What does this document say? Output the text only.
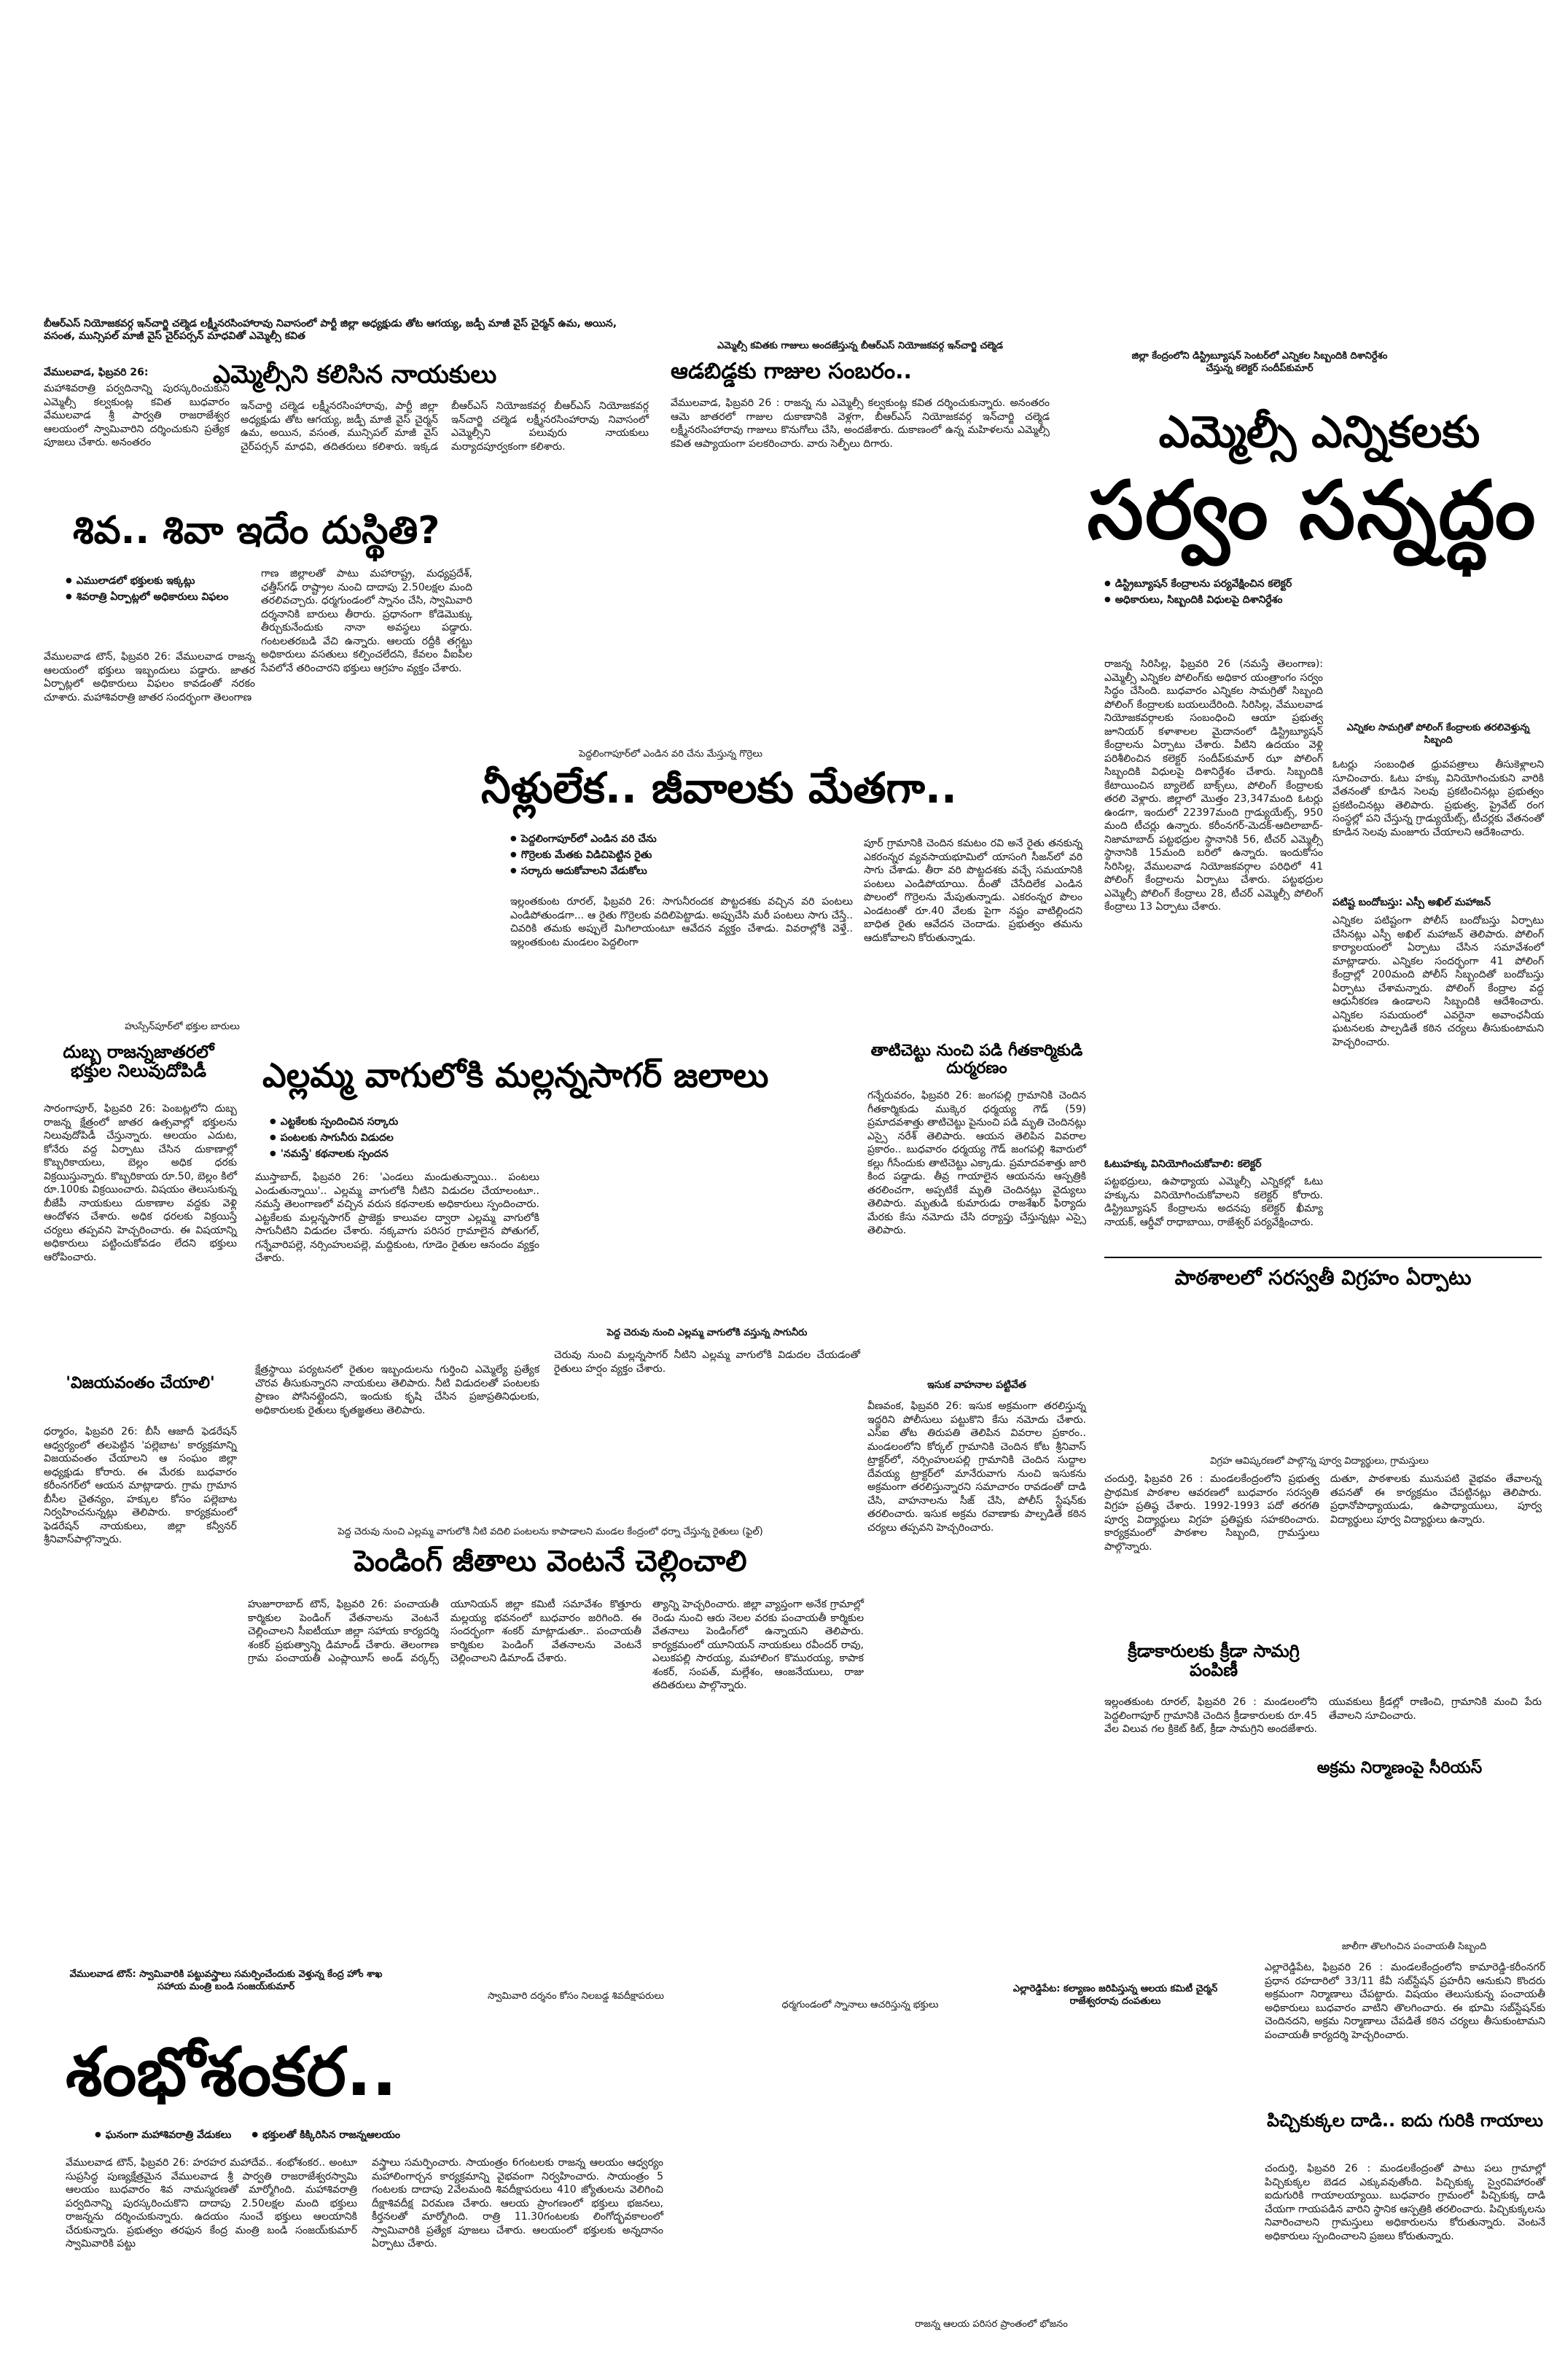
బీఆర్ఎస్ నియోజకవర్గ ఇన్‌చార్జి చల్మెడ లక్ష్మీనరసింహారావు నివాసంలో పార్టీ జిల్లా అధ్యక్షుడు తోట ఆగయ్య, జడ్పీ మాజీ వైస్ చైర్మన్ ఉమ, అయిన, వసంత, మున్సిపల్ మాజీ వైస్ చైర్‌పర్సన్ మాధవితో ఎమ్మెల్సీ కవిత
వేములవాడ, ఫిబ్రవరి 26:	ఎమ్మెల్సీని కలిసిన నాయకులు
మహాశివరాత్రి పర్వదినాన్ని పురస్కరించుకుని ఎమ్మెల్సీ కల్వకుంట్ల కవిత బుధవారం వేములవాడ శ్రీ పార్వతి రాజరాజేశ్వర ఆలయంలో స్వామివారిని దర్శించుకుని ప్రత్యేక పూజలు చేశారు. అనంతరం
ఇన్‌చార్జి చల్మెడ లక్ష్మీనరసింహారావు, పార్టీ జిల్లా అధ్యక్షుడు తోట ఆగయ్య, జడ్పీ మాజీ వైస్ చైర్మన్ ఉమ, అయిన, వసంత, మున్సిపల్ మాజీ వైస్ చైర్‌పర్సన్ మాధవి, తదితరులు కలిశారు. ఇక్కడ బీఆర్ఎస్ నియోజకవర్గ బీఆర్ఎస్ నియోజకవర్గ ఇన్‌చార్జి చల్మెడ లక్ష్మీనరసింహారావు నివాసంలో ఎమ్మెల్సీని పలువురు నాయకులు మర్యాదపూర్వకంగా కలిశారు.
ఎమ్మెల్సీ కవితకు గాజులు అందజేస్తున్న బీఆర్ఎస్ నియోజకవర్గ ఇన్‌చార్జి చల్మెడ
ఆడబిడ్డకు గాజుల సంబరం..
వేములవాడ, ఫిబ్రవరి 26 : రాజన్న ను ఎమ్మెల్సీ కల్వకుంట్ల కవిత దర్శించుకున్నారు. అనంతరం ఆమె జాతరలో గాజుల దుకాణానికి వెళ్లగా, బీఆర్ఎస్ నియోజకవర్గ ఇన్‌చార్జి చల్మెడ లక్ష్మీనరసింహారావు గాజులు కొనుగోలు చేసి, అందజేశారు. దుకాణంలో ఉన్న మహిళలను ఎమ్మెల్సీ కవిత ఆప్యాయంగా పలకరించారు. వారు సెల్ఫీలు దిగారు.
శివ.. శివా ఇదేం దుస్థితి?
● ఎములాడలో భక్తులకు ఇక్కట్లు
● శివరాత్రి ఏర్పాట్లలో అధికారులు విఫలం
వేములవాడ టౌన్, ఫిబ్రవరి 26: వేములవాడ రాజన్న ఆలయంలో భక్తులు ఇబ్బందులు పడ్డారు. జాతర ఏర్పాట్లలో అధికారులు విఫలం కావడంతో నరకం చూశారు. మహాశివరాత్రి జాతర సందర్భంగా తెలంగాణ
గాణ జిల్లాలతో పాటు మహారాష్ట్ర, మధ్యప్రదేశ్, ఛత్తీస్‌గఢ్ రాష్ట్రాల నుంచి దాదాపు 2.50లక్షల మంది తరలివచ్చారు. ధర్మగుండంలో స్నానం చేసి, స్వామివారి దర్శనానికి బారులు తీరారు. ప్రధానంగా కోడెమొక్కు తీర్చుకునేందుకు నానా అవస్థలు పడ్డారు. గంటలతరబడి వేచి ఉన్నారు. ఆలయ రద్దీకి తగ్గట్టు అధికారులు వసతులు కల్పించలేదని, కేవలం వీఐపీల సేవలోనే తరించారని భక్తులు ఆగ్రహం వ్యక్తం చేశారు.
జిల్లా కేంద్రంలోని డిస్ట్రిబ్యూషన్ సెంటర్‌లో ఎన్నికల సిబ్బందికి దిశానిర్దేశం చేస్తున్న కలెక్టర్ సందీప్‌కుమార్
ఎమ్మెల్సీ ఎన్నికలకు
సర్వం సన్నద్ధం
● డిస్ట్రిబ్యూషన్ కేంద్రాలను పర్యవేక్షించిన కలెక్టర్
● అధికారులు, సిబ్బందికి విధులపై దిశానిర్దేశం
రాజన్న సిరిసిల్ల, ఫిబ్రవరి 26 (నమస్తే తెలంగాణ): ఎమ్మెల్సీ ఎన్నికల పోలింగ్‌కు అధికార యంత్రాంగం సర్వం సిద్ధం చేసింది. బుధవారం ఎన్నికల సామగ్రితో సిబ్బంది పోలింగ్ కేంద్రాలకు బయలుదేరింది. సిరిసిల్ల, వేములవాడ నియోజకవర్గాలకు సంబంధించి ఆయా ప్రభుత్వ జూనియర్ కళాశాలల మైదానంలో డిస్ట్రిబ్యూషన్ కేంద్రాలను ఏర్పాటు చేశారు. వీటిని ఉదయం వెళ్లి పరిశీలించిన కలెక్టర్ సందీప్‌కుమార్ ఝా పోలింగ్ సిబ్బందికి విధులపై దిశానిర్దేశం చేశారు. సిబ్బందికి కేటాయించిన బ్యాలెట్ బాక్స్‌లు, పోలింగ్ కేంద్రాలకు తరలి వెళ్లారు. జిల్లాలో మొత్తం 23,347మంది ఓటర్లు ఉండగా, ఇందులో 22397మంది గ్రాడ్యుయేట్స్, 950 మంది టీచర్లు ఉన్నారు. కరీంనగర్-మెదక్-ఆదిలాబాద్-నిజామాబాద్ పట్టభద్రుల స్థానానికి 56, టీచర్ ఎమ్మెల్సీ స్థానానికి 15మంది బరిలో ఉన్నారు. ఇందుకోసం సిరిసిల్ల, వేములవాడ నియోజకవర్గాల పరిధిలో 41 పోలింగ్ కేంద్రాలను ఏర్పాటు చేశారు. పట్టభద్రుల ఎమ్మెల్సీ పోలింగ్ కేంద్రాలు 28, టీచర్ ఎమ్మెల్సీ పోలింగ్ కేంద్రాలు 13 ఏర్పాటు చేశారు.
ఓటుహక్కు వినియోగించుకోవాలి: కలెక్టర్
పట్టభద్రులు, ఉపాధ్యాయ ఎమ్మెల్సీ ఎన్నికల్లో ఓటు హక్కును వినియోగించుకోవాలని కలెక్టర్ కోరారు. డిస్ట్రిబ్యూషన్ కేంద్రాలను అదనపు కలెక్టర్ ఖీమ్యా నాయక్, ఆర్డీవో రాధాబాయి, రాజేశ్వర్ పర్యవేక్షించారు.
ఎన్నికల సామగ్రితో పోలింగ్ కేంద్రాలకు తరలివెళ్తున్న సిబ్బంది
ఓటర్లు సంబంధిత ధ్రువపత్రాలు తీసుకెళ్లాలని సూచించారు. ఓటు హక్కు వినియోగించుకుని వారికి వేతనంతో కూడిన సెలవు ప్రకటించినట్లు ప్రభుత్వం ప్రకటించినట్లు తెలిపారు. ప్రభుత్వ, ప్రైవేట్ రంగ సంస్థల్లో పని చేస్తున్న గ్రాడ్యుయేట్స్, టీచర్లకు వేతనంతో కూడిన సెలవు మంజూరు చేయాలని ఆదేశించారు.
పటిష్ట బందోబస్తు: ఎస్పీ అఖిల్ మహాజన్
ఎన్నికల పటిష్టంగా పోలీస్ బందోబస్తు ఏర్పాటు చేసినట్లు ఎస్పీ అఖిల్ మహాజన్ తెలిపారు. పోలింగ్ కార్యాలయంలో ఏర్పాటు చేసిన సమావేశంలో మాట్లాడారు. ఎన్నికల సందర్భంగా 41 పోలింగ్ కేంద్రాల్లో 200మంది పోలీస్ సిబ్బందితో బందోబస్తు ఏర్పాటు చేశామన్నారు. పోలింగ్ కేంద్రాల వద్ద ఆధునీకరణ ఉండాలని సిబ్బందికి ఆదేశించారు. ఎన్నికల సమయంలో ఎవరైనా అవాంఛనీయ ఘటనలకు పాల్పడితే కఠిన చర్యలు తీసుకుంటామని హెచ్చరించారు.
పాఠశాలలో సరస్వతీ విగ్రహం ఏర్పాటు
పెద్దలింగాపూర్‌లో ఎండిన వరి చేను మేస్తున్న గొర్రెలు
నీళ్లులేక.. జీవాలకు మేతగా..
● పెద్దలింగాపూర్‌లో ఎండిన వరి చేను
● గొర్రెలకు మేతకు విడిచిపెట్టిన రైతు
● సర్కారు ఆదుకోవాలని వేడుకోలు
ఇల్లంతకుంట రూరల్, ఫిబ్రవరి 26: సాగునీరందక పొట్టదశకు వచ్చిన వరి పంటలు ఎండిపోతుండగా... ఆ రైతు గొర్రెలకు వదిలిపెట్టాడు. అప్పుచేసి మరీ పంటలు సాగు చేస్తే.. చివరికి తమకు అప్పులే మిగిలాయంటూ ఆవేదన వ్యక్తం చేశాడు. వివరాల్లోకి వెళ్తే.. ఇల్లంతకుంట మండలం పెద్దలింగా
పూర్ గ్రామానికి చెందిన కమటం రవి అనే రైతు తనకున్న ఎకరంన్నర వ్యవసాయభూమిలో యాసంగి సీజన్‌లో వరి సాగు చేశాడు. తీరా వరి పొట్టదశకు వచ్చే సమయానికి పంటలు ఎండిపోయాయి. దీంతో చేసేదిలేక ఎండిన పొలంలో గొర్రెలను మేపుతున్నాడు. ఎకరంన్నర పొలం ఎండటంతో రూ.40 వేలకు పైగా నష్టం వాటిల్లిందని బాధిత రైతు ఆవేదన చెందాడు. ప్రభుత్వం తమను ఆదుకోవాలని కోరుతున్నాడు.
హుస్సేన్‌పూర్‌లో భక్తుల బారులు
దుబ్బ రాజన్నజాతరలో భక్తుల నిలువుదోపిడీ
సారంగాపూర్, ఫిబ్రవరి 26: పెంబట్లలోని దుబ్బ రాజన్న క్షేత్రంలో జాతర ఉత్సవాల్లో భక్తులను నిలువుదోపిడీ చేస్తున్నారు. ఆలయం ఎదుట, కోనేరు వద్ద ఏర్పాటు చేసిన దుకాణాల్లో కొబ్బరికాయలు, బెల్లం అధిక ధరకు విక్రయిస్తున్నారు. కొబ్బరికాయ రూ.50, బెల్లం కిలో రూ.100కు విక్రయించారు. విషయం తెలుసుకున్న బీజేపీ నాయకులు దుకాణాల వద్దకు వెళ్లి ఆందోళన చేశారు. అధిక ధరలకు విక్రయిస్తే చర్యలు తప్పవని హెచ్చరించారు. ఈ విషయాన్ని అధికారులు పట్టించుకోవడం లేదని భక్తులు ఆరోపించారు.
'విజయవంతం చేయాలి'
ధర్మారం, ఫిబ్రవరి 26: బీసీ ఆజాదీ ఫెడరేషన్ ఆధ్వర్యంలో తలపెట్టిన 'పల్లెబాట' కార్యక్రమాన్ని విజయవంతం చేయాలని ఆ సంఘం జిల్లా అధ్యక్షుడు కోరారు. ఈ మేరకు బుధవారం కరీంనగర్‌లో ఆయన మాట్లాడారు. గ్రామ గ్రామాన బీసీల చైతన్యం, హక్కుల కోసం పల్లెబాట నిర్వహించనున్నట్లు తెలిపారు. కార్యక్రమంలో ఫెడరేషన్ నాయకులు, జిల్లా కన్వీనర్ శ్రీనివాస్‌పాల్గొన్నారు.
ఎల్లమ్మ వాగులోకి మల్లన్నసాగర్ జలాలు
● ఎట్టకేలకు స్పందించిన సర్కారు
● పంటలకు సాగునీరు విడుదల
● 'నమస్తే' కథనాలకు స్పందన
ముస్తాబాద్, ఫిబ్రవరి 26: 'ఎండలు మండుతున్నాయి.. పంటలు ఎండుతున్నాయి'.. ఎల్లమ్మ వాగులోకి నీటిని విడుదల చేయాలంటూ.. నమస్తే తెలంగాణలో వచ్చిన వరుస కథనాలకు అధికారులు స్పందించారు. ఎట్టకేలకు మల్లన్నసాగర్ ప్రాజెక్టు కాలువల ద్వారా ఎల్లమ్మ వాగులోకి సాగునీటిని విడుదల చేశారు. నక్కవాగు పరిసర గ్రామాలైన పోతుగల్, గన్నేవారిపల్లె, నర్సింహులపల్లె, మద్దికుంట, గూడెం రైతుల ఆనందం వ్యక్తం చేశారు.
క్షేత్రస్థాయి పర్యటనలో రైతుల ఇబ్బందులను గుర్తించి ఎమ్మెల్యే ప్రత్యేక చొరవ తీసుకున్నారని నాయకులు తెలిపారు. నీటి విడుదలతో పంటలకు ప్రాణం పోసినట్లైందని, ఇందుకు కృషి చేసిన ప్రజాప్రతినిధులకు, అధికారులకు రైతులు కృతజ్ఞతలు తెలిపారు.
పెద్ద చెరువు నుంచి ఎల్లమ్మ వాగులోకి వస్తున్న సాగునీరు
చెరువు నుంచి మల్లన్నసాగర్ నీటిని ఎల్లమ్మ వాగులోకి విడుదల చేయడంతో రైతులు హర్షం వ్యక్తం చేశారు.
తాటిచెట్టు నుంచి పడి గీతకార్మికుడి దుర్మరణం
గన్నేరువరం, ఫిబ్రవరి 26: జంగపల్లి గ్రామానికి చెందిన గీతకార్మికుడు ముక్కెర ధర్మయ్య గౌడ్ (59) ప్రమాదవశాత్తు తాటిచెట్టు పైనుంచి పడి మృతి చెందినట్లు ఎస్సై నరేశ్ తెలిపారు. ఆయన తెలిపిన వివరాల ప్రకారం.. బుధవారం ధర్మయ్య గౌడ్ జంగపల్లి శివారులో కల్లు గీసేందుకు తాటిచెట్టు ఎక్కాడు. ప్రమాదవశాత్తు జారి కింద పడ్డాడు. తీవ్ర గాయాలైన ఆయనను ఆస్పత్రికి తరలించగా, అప్పటికే మృతి చెందినట్లు వైద్యులు తెలిపారు. మృతుడి కుమారుడు రాజశేఖర్ ఫిర్యాదు మేరకు కేసు నమోదు చేసి దర్యాప్తు చేస్తున్నట్లు ఎస్సై తెలిపారు.
ఇసుక వాహనాల పట్టివేత
వీణవంక, ఫిబ్రవరి 26: ఇసుక అక్రమంగా తరలిస్తున్న ఇద్దరిని పోలీసులు పట్టుకొని కేసు నమోదు చేశారు. ఎస్ఐ తోట తిరుపతి తెలిపిన వివరాల ప్రకారం.. మండలంలోని కోర్కల్ గ్రామానికి చెందిన కోట శ్రీనివాస్ ట్రాక్టర్‌లో, నర్సింహులపల్లి గ్రామానికి చెందిన సుద్దాల దేవయ్య ట్రాక్టర్‌లో మానేరువాగు నుంచి ఇసుకను అక్రమంగా తరలిస్తున్నారని సమాచారం రావడంతో దాడి చేసి, వాహనాలను సీజ్ చేసి, పోలీస్ స్టేషన్‌కు తరలించారు. ఇసుక అక్రమ రవాణాకు పాల్పడితే కఠిన చర్యలు తప్పవని హెచ్చరించారు.
పెద్ద చెరువు నుంచి ఎల్లమ్మ వాగులోకి నీటి వదిలి పంటలను కాపాడాలని మండల కేంద్రంలో ధర్నా చేస్తున్న రైతులు (ఫైల్)
పెండింగ్ జీతాలు వెంటనే చెల్లించాలి
హుజూరాబాద్ టౌన్, ఫిబ్రవరి 26: పంచాయతీ కార్మికుల పెండింగ్ వేతనాలను వెంటనే చెల్లించాలని సీఐటీయూ జిల్లా సహాయ కార్యదర్శి శంకర్ ప్రభుత్వాన్ని డిమాండ్ చేశారు. తెలంగాణ గ్రామ పంచాయతీ ఎంప్లాయీస్ అండ్ వర్కర్స్ యూనియన్ జిల్లా కమిటీ సమావేశం కొత్తూరు మల్లయ్య భవనంలో బుధవారం జరిగింది. ఈ సందర్భంగా శంకర్ మాట్లాడుతూ.. పంచాయతీ కార్మికుల పెండింగ్ వేతనాలను వెంటనే చెల్లించాలని డిమాండ్ చేశారు.
త్యాన్ని హెచ్చరించారు. జిల్లా వ్యాప్తంగా అనేక గ్రామాల్లో రెండు నుంచి ఆరు నెలల వరకు పంచాయతీ కార్మికుల వేతనాలు పెండింగ్‌లో ఉన్నాయని తెలిపారు. కార్యక్రమంలో యూనియన్ నాయకులు రవీందర్ రావు, ఎలుకపల్లి సారయ్య, మహాలింగ కొమురయ్య, కాపాక శంకర్, సంపత్, మల్లేశం, ఆంజనేయులు, రాజు తదితరులు పాల్గొన్నారు.
విగ్రహ ఆవిష్కరణలో పాల్గొన్న పూర్వ విద్యార్థులు, గ్రామస్తులు
చందుర్తి, ఫిబ్రవరి 26 : మండలకేంద్రంలోని ప్రభుత్వ ప్రాథమిక పాఠశాల ఆవరణలో బుధవారం సరస్వతి విగ్రహ ప్రతిష్ఠ చేశారు. 1992-1993 పదో తరగతి పూర్వ విద్యార్థులు విగ్రహ ప్రతిష్టకు సహకరించారు. కార్యక్రమంలో పాఠశాల సిబ్బంది, గ్రామస్తులు పాల్గొన్నారు.
దుతూ, పాఠశాలకు మునుపటి వైభవం తేవాలన్న తపనతో ఈ కార్యక్రమం చేపట్టినట్లు తెలిపారు. ప్రధానోపాధ్యాయుడు, ఉపాధ్యాయులు, పూర్వ విద్యార్థులు పూర్వ విద్యార్థులు ఉన్నారు.
క్రీడాకారులకు క్రీడా సామగ్రి పంపిణీ
ఇల్లంతకుంట రూరల్, ఫిబ్రవరి 26 : మండలంలోని పెద్దలింగాపూర్ గ్రామానికి చెందిన క్రీడాకారులకు రూ.45 వేల విలువ గల క్రికెట్ కిట్, క్రీడా సామగ్రిని అందజేశారు. యువకులు క్రీడల్లో రాణించి, గ్రామానికి మంచి పేరు తేవాలని సూచించారు.
అక్రమ నిర్మాణంపై సీరియస్
వేములవాడ టౌన్: స్వామివారికి పట్టువస్త్రాలు సమర్పించేందుకు వెళ్తున్న కేంద్ర హోం శాఖ సహాయ మంత్రి బండి సంజయ్‌కుమార్
స్వామివారి దర్శనం కోసం నిలబడ్డ శివదీక్షాపరులు
ధర్మగుండంలో స్నానాలు ఆచరిస్తున్న భక్తులు
ఎల్లారెడ్డిపేట: కల్యాణం జరిపిస్తున్న ఆలయ కమిటీ చైర్మన్ రాజేశ్వరరావు దంపతులు
శంభోశంకర..
● ఘనంగా మహాశివరాత్రి వేడుకలు
●	భక్తులతో కిక్కిరిసిన రాజన్నఆలయం
వేములవాడ టౌన్, ఫిబ్రవరి 26: హరహర మహాదేవ.. శంభోశంకర.. అంటూ సుప్రసిద్ధ పుణ్యక్షేత్రమైన వేములవాడ శ్రీ పార్వతి రాజరాజేశ్వరస్వామి ఆలయం బుధవారం శివ నామస్మరణతో మార్మోగింది. మహాశివరాత్రి పర్వదినాన్ని పురస్కరించుకొని దాదాపు 2.50లక్షల మంది భక్తులు రాజన్నను దర్శించుకున్నారు. ఉదయం నుంచే భక్తులు ఆలయానికి చేరుకున్నారు. ప్రభుత్వం తరఫున కేంద్ర మంత్రి బండి సంజయ్‌కుమార్ స్వామివారికి పట్టు
వస్త్రాలు సమర్పించారు. సాయంత్రం 6గంటలకు రాజన్న ఆలయం ఆధ్వర్యం మహాలింగార్చన కార్యక్రమాన్ని వైభవంగా నిర్వహించారు. సాయంత్రం 5 గంటలకు దాదాపు 2వేలమంది శివదీక్షాపరులు 410 జ్యోతులను వెలిగించి దీక్షాశివదీక్ష విరమణ చేశారు. ఆలయ ప్రాంగణంలో భక్తులు భజనలు, కీర్తనలతో మార్మోగింది. రాత్రి 11.30గంటలకు లింగోద్భవకాలంలో స్వామివారికి ప్రత్యేక పూజలు చేశారు. ఆలయంలో భక్తులకు అన్నదానం ఏర్పాటు చేశారు.
రాజన్న ఆలయ పరిసర ప్రాంతంలో భోజనం
జాలీగా తొలగించిన పంచాయతీ సిబ్బంది
ఎల్లారెడ్డిపేట, ఫిబ్రవరి 26 : మండలకేంద్రంలోని కామారెడ్డి-కరీంనగర్ ప్రధాన రహదారిలో 33/11 కేవీ సబ్‌స్టేషన్ ప్రహరీని ఆనుకుని కొందరు అక్రమంగా నిర్మాణాలు చేపట్టారు. విషయం తెలుసుకున్న పంచాయతీ అధికారులు బుధవారం వాటిని తొలగించారు. ఈ భూమి సబ్‌స్టేషన్‌కు చెందినదని, అక్రమ నిర్మాణాలు చేపడితే కఠిన చర్యలు తీసుకుంటామని పంచాయతీ కార్యదర్శి హెచ్చరించారు.
పిచ్చికుక్కల దాడి.. ఐదు గురికి గాయాలు
చందుర్తి, ఫిబ్రవరి 26 : మండలకేంద్రంతో పాటు పలు గ్రామాల్లో పిచ్చికుక్కల బెడద ఎక్కువవుతోంది. పిచ్చికుక్క స్వైరవిహారంతో ఐదుగురికి గాయాలయ్యాయి. బుధవారం గ్రామంలో పిచ్చికుక్క దాడి చేయగా గాయపడిన వారిని స్థానిక ఆస్పత్రికి తరలించారు. పిచ్చికుక్కలను నివారించాలని గ్రామస్తులు అధికారులను కోరుతున్నారు. వెంటనే అధికారులు స్పందించాలని ప్రజలు కోరుతున్నారు.
